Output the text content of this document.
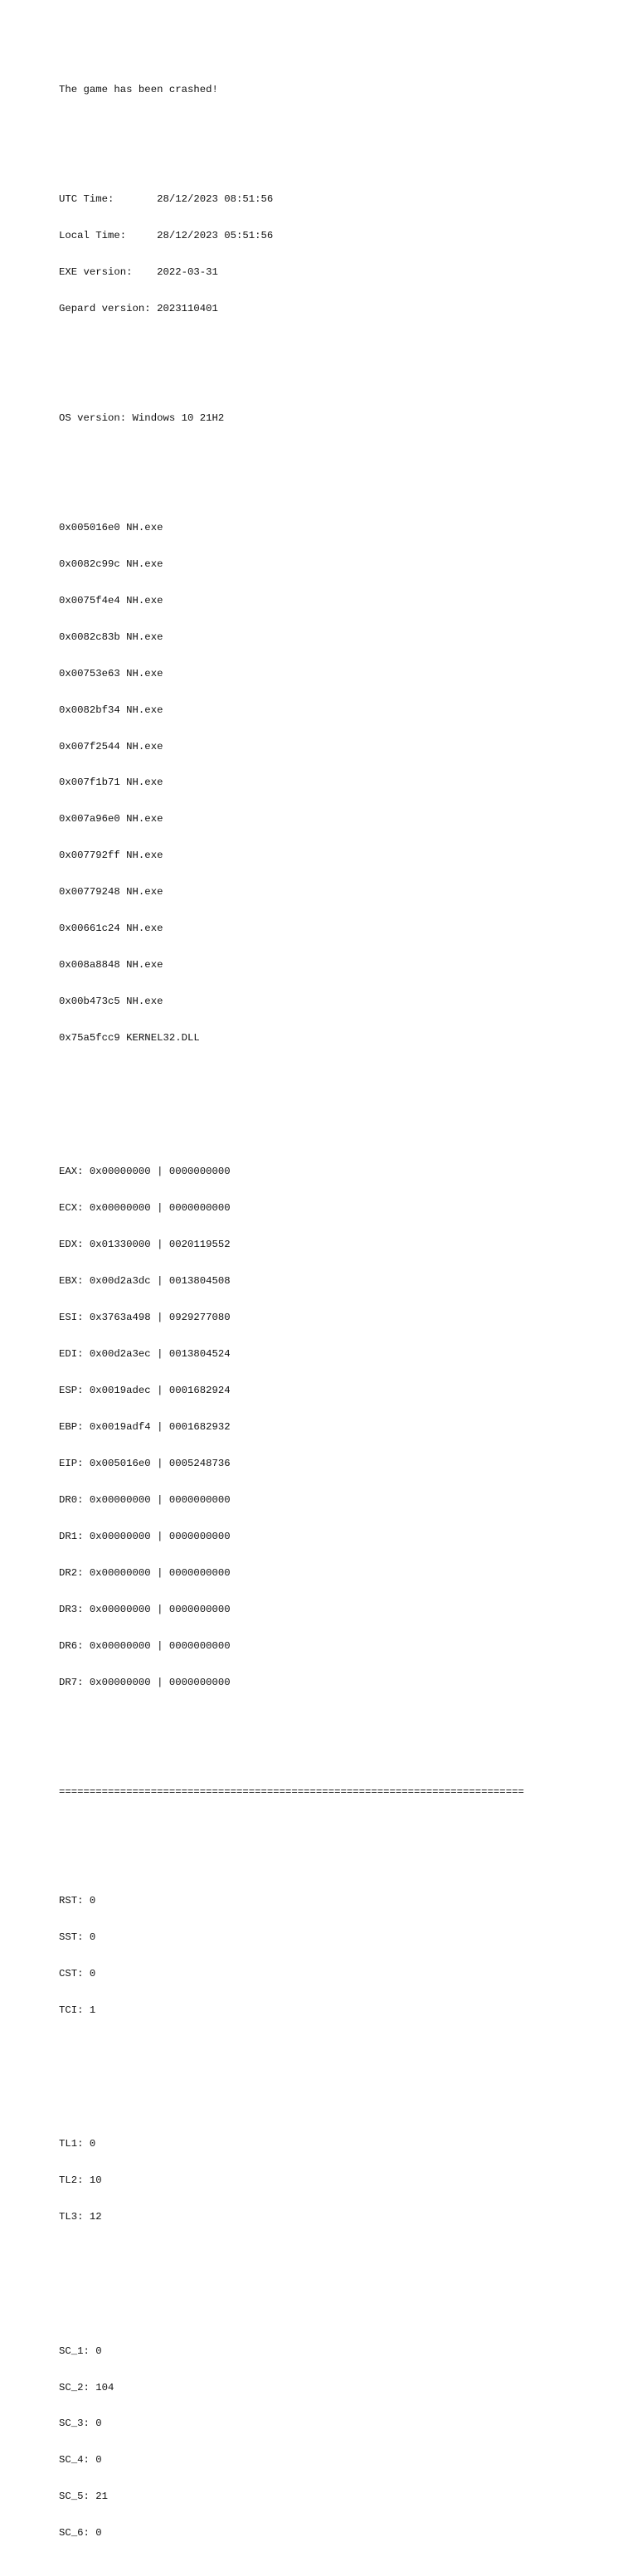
The game has been crashed!

UTC Time:       28/12/2023 08:51:56

Local Time:     28/12/2023 05:51:56

EXE version:    2022-03-31

Gepard version: 2023110401

OS version: Windows 10 21H2

0x005016e0 NH.exe

0x0082c99c NH.exe

0x0075f4e4 NH.exe

0x0082c83b NH.exe

0x00753e63 NH.exe

0x0082bf34 NH.exe

0x007f2544 NH.exe

0x007f1b71 NH.exe

0x007a96e0 NH.exe

0x007792ff NH.exe

0x00779248 NH.exe

0x00661c24 NH.exe

0x008a8848 NH.exe

0x00b473c5 NH.exe

0x75a5fcc9 KERNEL32.DLL

EAX: 0x00000000 | 0000000000

ECX: 0x00000000 | 0000000000

EDX: 0x01330000 | 0020119552

EBX: 0x00d2a3dc | 0013804508

ESI: 0x3763a498 | 0929277080

EDI: 0x00d2a3ec | 0013804524

ESP: 0x0019adec | 0001682924

EBP: 0x0019adf4 | 0001682932

EIP: 0x005016e0 | 0005248736

DR0: 0x00000000 | 0000000000

DR1: 0x00000000 | 0000000000

DR2: 0x00000000 | 0000000000

DR3: 0x00000000 | 0000000000

DR6: 0x00000000 | 0000000000

DR7: 0x00000000 | 0000000000

============================================================================

RST: 0

SST: 0

CST: 0

TCI: 1

TL1: 0

TL2: 10

TL3: 12

SC_1: 0

SC_2: 104

SC_3: 0

SC_4: 0

SC_5: 21

SC_6: 0
